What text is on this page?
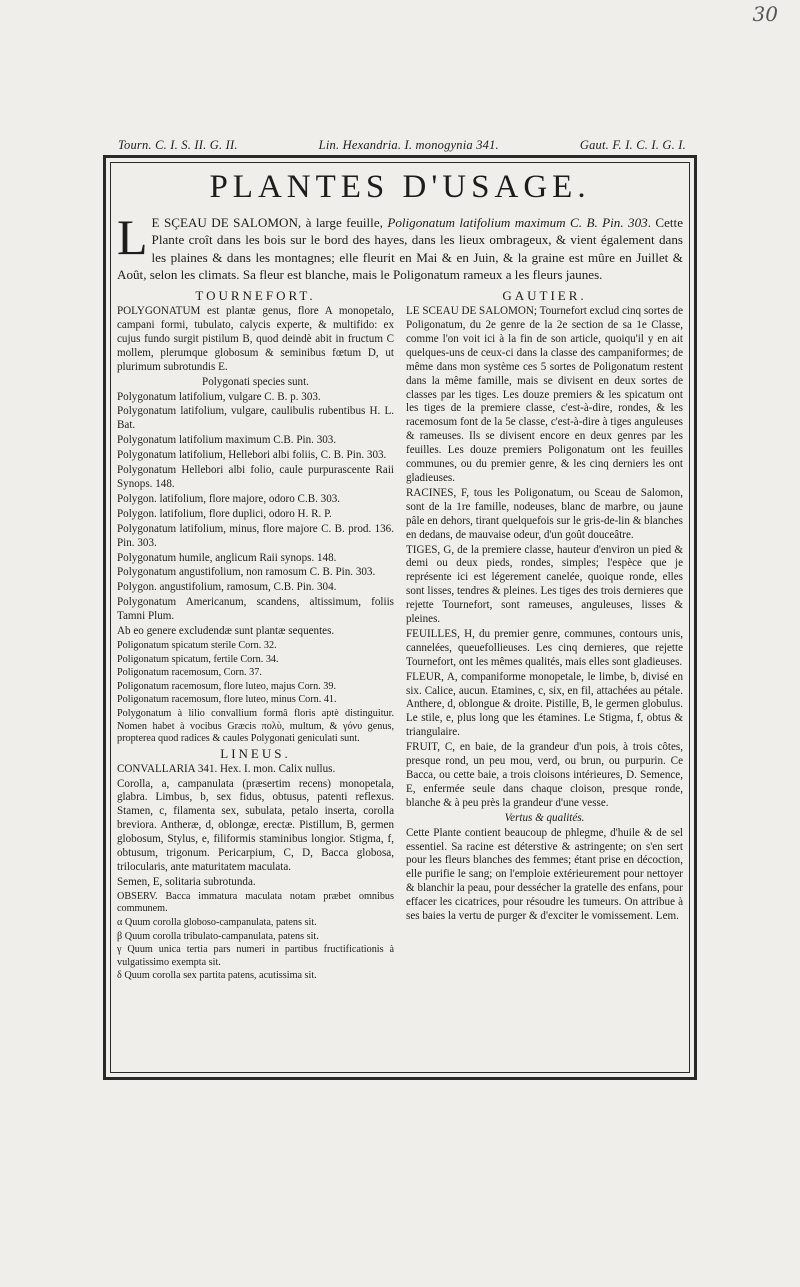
30
Tourn. C. I. S. II. G. II.	Lin. Hexandria. I. monogynia 341.	Gaut. F. I. C. I. G. I.
PLANTES D'USAGE.
L E SÇEAU DE SALOMON, à large feuille, Poligonatum latifolium maximum C. B. Pin. 303. Cette Plante croît dans les bois sur le bord des hayes, dans les lieux ombrageux, & vient également dans les plaines & dans les montagnes; elle fleurit en Mai & en Juin, & la graine est mûre en Juillet & Août, selon les climats. Sa fleur est blanche, mais le Poligonatum rameux a les fleurs jaunes.
TOURNEFORT.

POLYGONATUM est plantæ genus, flore A monopetalo, campani formi, tubulato, calycis experte, & multifido: ex cujus fundo surgit pistilum B, quod deindè abit in fructum C mollem, plerumque globosum & seminibus fœtum D, ut plurimum subrotundis E.

Polygonati species sunt.

Polygonatum latifolium, vulgare C. B. p. 303.

Polygonatum latifolium, vulgare, caulibulis rubentibus H. L. Bat.

Polygonatum latifolium maximum C.B. Pin. 303.

Polygonatum latifolium, Hellebori albi foliis, C. B. Pin. 303.

Polygonatum Hellebori albi folio, caule purpurascente Raii Synops. 148.

Polygon. latifolium, flore majore, odoro C.B. 303.

Polygon. latifolium, flore duplici, odoro H. R. P.

Polygonatum latifolium, minus, flore majore C. B. prod. 136. Pin. 303.

Polygonatum humile, anglicum Raii synops. 148.

Polygonatum angustifolium, non ramosum C. B. Pin. 303.

Polygon. angustifolium, ramosum, C.B. Pin. 304.

Polygonatum Americanum, scandens, altissimum, foliis Tamni Plum.

Ab eo genere excludendæ sunt plantæ sequentes.

Poligonatum spicatum sterile Corn. 32.

Poligonatum spicatum, fertile Corn. 34.

Poligonatum racemosum, Corn. 37.

Poligonatum racemosum, flore luteo, majus Corn. 39.

Poligonatum racemosum, flore luteo, minus Corn. 41.

Polygonatum à lilio convallium formâ floris aptè distinguitur. Nomen habet à vocibus Græcis πολὺ, multum, & γόνυ genus, propterea quod radices & caules Polygonati geniculati sunt.

LINEUS.

CONVALLARIA 341. Hex. I. mon. Calix nullus.

Corolla, a, campanulata (præsertim recens) monopetala, glabra. Limbus, b, sex fidus, obtusus, patenti reflexus. Stamen, c, filamenta sex, subulata, petalo inserta, corolla breviora. Antheræ, d, oblongæ, erectæ. Pistillum, B, germen globosum, Stylus, e, filiformis staminibus longior. Stigma, f, obtusum, trigonum. Pericarpium, C, D, Bacca globosa, trilocularis, ante maturitatem maculata.

Semen, E, solitaria subrotunda.

OBSERV. Bacca immatura maculata notam præbet omnibus communem.

α Quum corolla globoso-campanulata, patens sit.

β Quum corolla tribulato-campanulata, patens sit.

γ Quum unica tertia pars numeri in partibus fructificationis à vulgatissimo exempta sit.

δ Quum corolla sex partita patens, acutissima sit.

GAUTIER.

LE SCEAU DE SALOMON; Tournefort exclud cinq sortes de Poligonatum, du 2e genre de la 2e section de sa 1e Classe, comme l'on voit ici à la fin de son article, quoiqu'il y en ait quelques-uns de ceux-ci dans la classe des campaniformes; de même dans mon système ces 5 sortes de Poligonatum restent dans la même famille, mais se divisent en deux sortes de classes par les tiges. Les douze premiers & les spicatum ont les tiges de la premiere classe, c'est-à-dire, rondes, & les racemosum font de la 5e classe, c'est-à-dire à tiges anguleuses & rameuses. Ils se divisent encore en deux genres par les feuilles. Les douze premiers Poligonatum ont les feuilles communes, ou du premier genre, & les cinq derniers les ont gladieuses.

RACINES, F, tous les Poligonatum, ou Sceau de Salomon, sont de la 1re famille, nodeuses, blanc de marbre, ou jaune pâle en dehors, tirant quelquefois sur le gris-de-lin & blanches en dedans, de mauvaise odeur, d'un goût douceâtre.

TIGES, G, de la premiere classe, hauteur d'environ un pied & demi ou deux pieds, rondes, simples; l'espèce que je représente ici est légerement canelée, quoique ronde, elles sont lisses, tendres & pleines. Les tiges des trois dernieres que rejette Tournefort, sont rameuses, anguleuses, lisses & pleines.

FEUILLES, H, du premier genre, communes, contours unis, cannelées, queuefollieuses. Les cinq dernieres, que rejette Tournefort, ont les mêmes qualités, mais elles sont gladieuses.

FLEUR, A, companiforme monopetale, le limbe, b, divisé en six. Calice, aucun. Etamines, c, six, en fil, attachées au pétale. Anthere, d, oblongue & droite. Pistille, B, le germen globulus. Le stile, e, plus long que les étamines. Le Stigma, f, obtus & triangulaire.

FRUIT, C, en baie, de la grandeur d'un pois, à trois côtes, presque rond, un peu mou, verd, ou brun, ou purpurin. Ce Bacca, ou cette baie, a trois cloisons intérieures, D. Semence, E, enfermée seule dans chaque cloison, presque ronde, blanche & à peu près la grandeur d'une vesse.

Vertus & qualités.

Cette Plante contient beaucoup de phlegme, d'huile & de sel essentiel. Sa racine est déterstive & astringente; on s'en sert pour les fleurs blanches des femmes; étant prise en décoction, elle purifie le sang; on l'emploie extérieurement pour nettoyer & blanchir la peau, pour dessécher la gratelle des enfans, pour effacer les cicatrices, pour résoudre les tumeurs. On attribue à ses baies la vertu de purger & d'exciter le vomissement. Lem.
